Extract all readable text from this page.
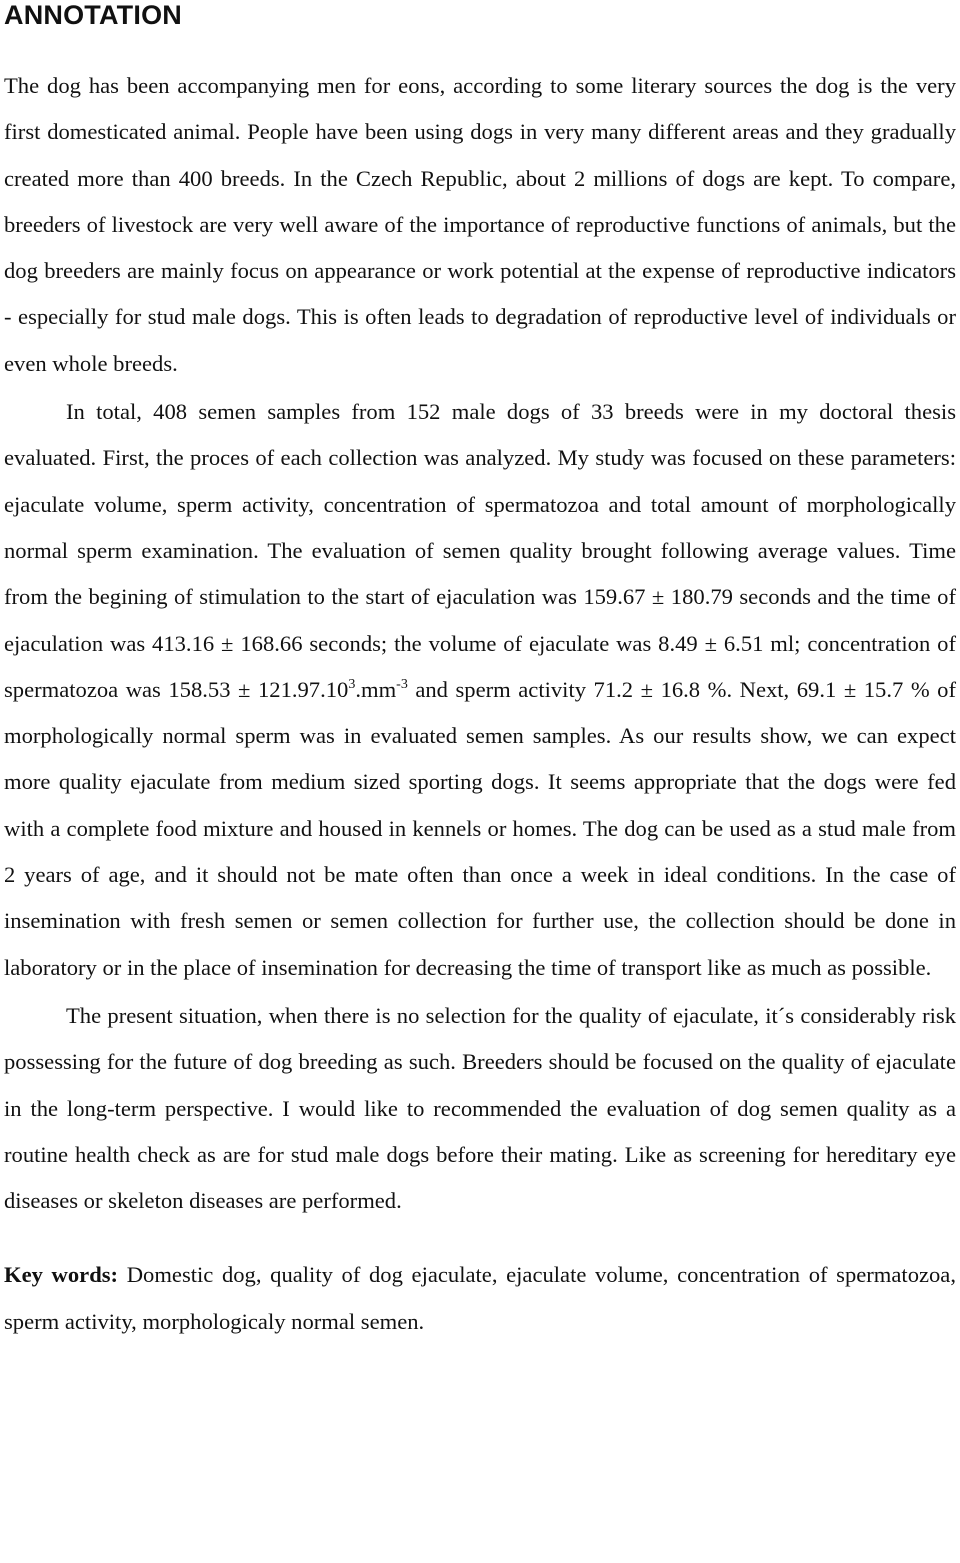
ANNOTATION

The dog has been accompanying men for eons, according to some literary sources the dog is the very first domesticated animal. People have been using dogs in very many different areas and they gradually created more than 400 breeds. In the Czech Republic, about 2 millions of dogs are kept. To compare, breeders of livestock are very well aware of the importance of reproductive functions of animals, but the dog breeders are mainly focus on appearance or work potential at the expense of reproductive indicators - especially for stud male dogs. This is often leads to degradation of reproductive level of individuals or even whole breeds.

In total, 408 semen samples from 152 male dogs of 33 breeds were in my doctoral thesis evaluated. First, the proces of each collection was analyzed. My study was focused on these parameters: ejaculate volume, sperm activity, concentration of spermatozoa and total amount of morphologically normal sperm examination. The evaluation of semen quality brought following average values. Time from the begining of stimulation to the start of ejaculation was 159.67 ± 180.79 seconds and the time of ejaculation was 413.16 ± 168.66 seconds; the volume of ejaculate was 8.49 ± 6.51 ml; concentration of spermatozoa was $158.53 \pm 121.97.10^3.mm^{-3}$ and sperm activity 71.2 ± 16.8 %. Next, 69.1 ± 15.7 % of morphologically normal sperm was in evaluated semen samples. As our results show, we can expect more quality ejaculate from medium sized sporting dogs. It seems appropriate that the dogs were fed with a complete food mixture and housed in kennels or homes. The dog can be used as a stud male from 2 years of age, and it should not be mate often than once a week in ideal conditions. In the case of insemination with fresh semen or semen collection for further use, the collection should be done in laboratory or in the place of insemination for decreasing the time of transport like as much as possible.

The present situation, when there is no selection for the quality of ejaculate, it´s considerably risk possessing for the future of dog breeding as such. Breeders should be focused on the quality of ejaculate in the long-term perspective. I would like to recommended the evaluation of dog semen quality as a routine health check as are for stud male dogs before their mating. Like as screening for hereditary eye diseases or skeleton diseases are performed.

Key words: Domestic dog, quality of dog ejaculate, ejaculate volume, concentration of spermatozoa, sperm activity, morphologicaly normal semen.
